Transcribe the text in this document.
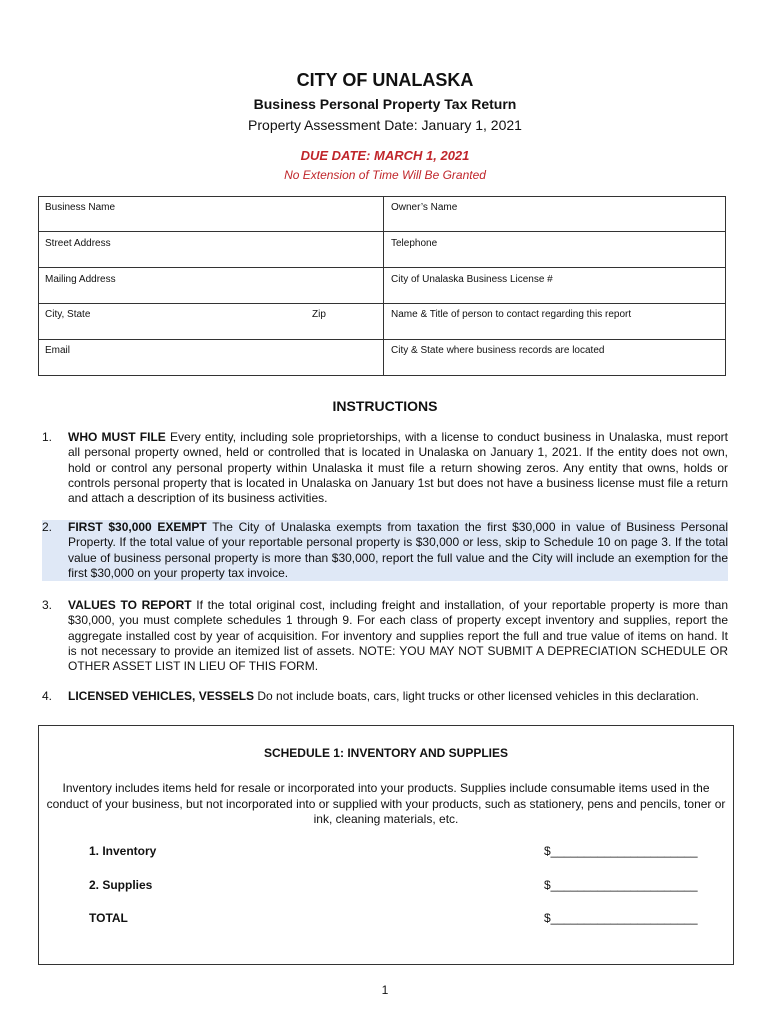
CITY OF UNALASKA
Business Personal Property Tax Return
Property Assessment Date: January 1, 2021
DUE DATE: MARCH 1, 2021
No Extension of Time Will Be Granted
Business Name	Owner’s Name
Street Address	Telephone
Mailing Address	City of Unalaska Business License #
City, State	Zip	Name & Title of person to contact regarding this report
Email	City & State where business records are located
INSTRUCTIONS
1. WHO MUST FILE Every entity, including sole proprietorships, with a license to conduct business in Unalaska, must report all personal property owned, held or controlled that is located in Unalaska on January 1, 2021. If the entity does not own, hold or control any personal property within Unalaska it must file a return showing zeros. Any entity that owns, holds or controls personal property that is located in Unalaska on January 1st but does not have a business license must file a return and attach a description of its business activities.
2. FIRST $30,000 EXEMPT The City of Unalaska exempts from taxation the first $30,000 in value of Business Personal Property. If the total value of your reportable personal property is $30,000 or less, skip to Schedule 10 on page 3. If the total value of business personal property is more than $30,000, report the full value and the City will include an exemption for the first $30,000 on your property tax invoice.
3. VALUES TO REPORT If the total original cost, including freight and installation, of your reportable property is more than $30,000, you must complete schedules 1 through 9. For each class of property except inventory and supplies, report the aggregate installed cost by year of acquisition. For inventory and supplies report the full and true value of items on hand. It is not necessary to provide an itemized list of assets. NOTE: YOU MAY NOT SUBMIT A DEPRECIATION SCHEDULE OR OTHER ASSET LIST IN LIEU OF THIS FORM.
4. LICENSED VEHICLES, VESSELS Do not include boats, cars, light trucks or other licensed vehicles in this declaration.
SCHEDULE 1: INVENTORY AND SUPPLIES
Inventory includes items held for resale or incorporated into your products. Supplies include consumable items used in the conduct of your business, but not incorporated into or supplied with your products, such as stationery, pens and pencils, toner or ink, cleaning materials, etc.
1. Inventory	$______________________
2. Supplies	$______________________
TOTAL	$______________________
1
